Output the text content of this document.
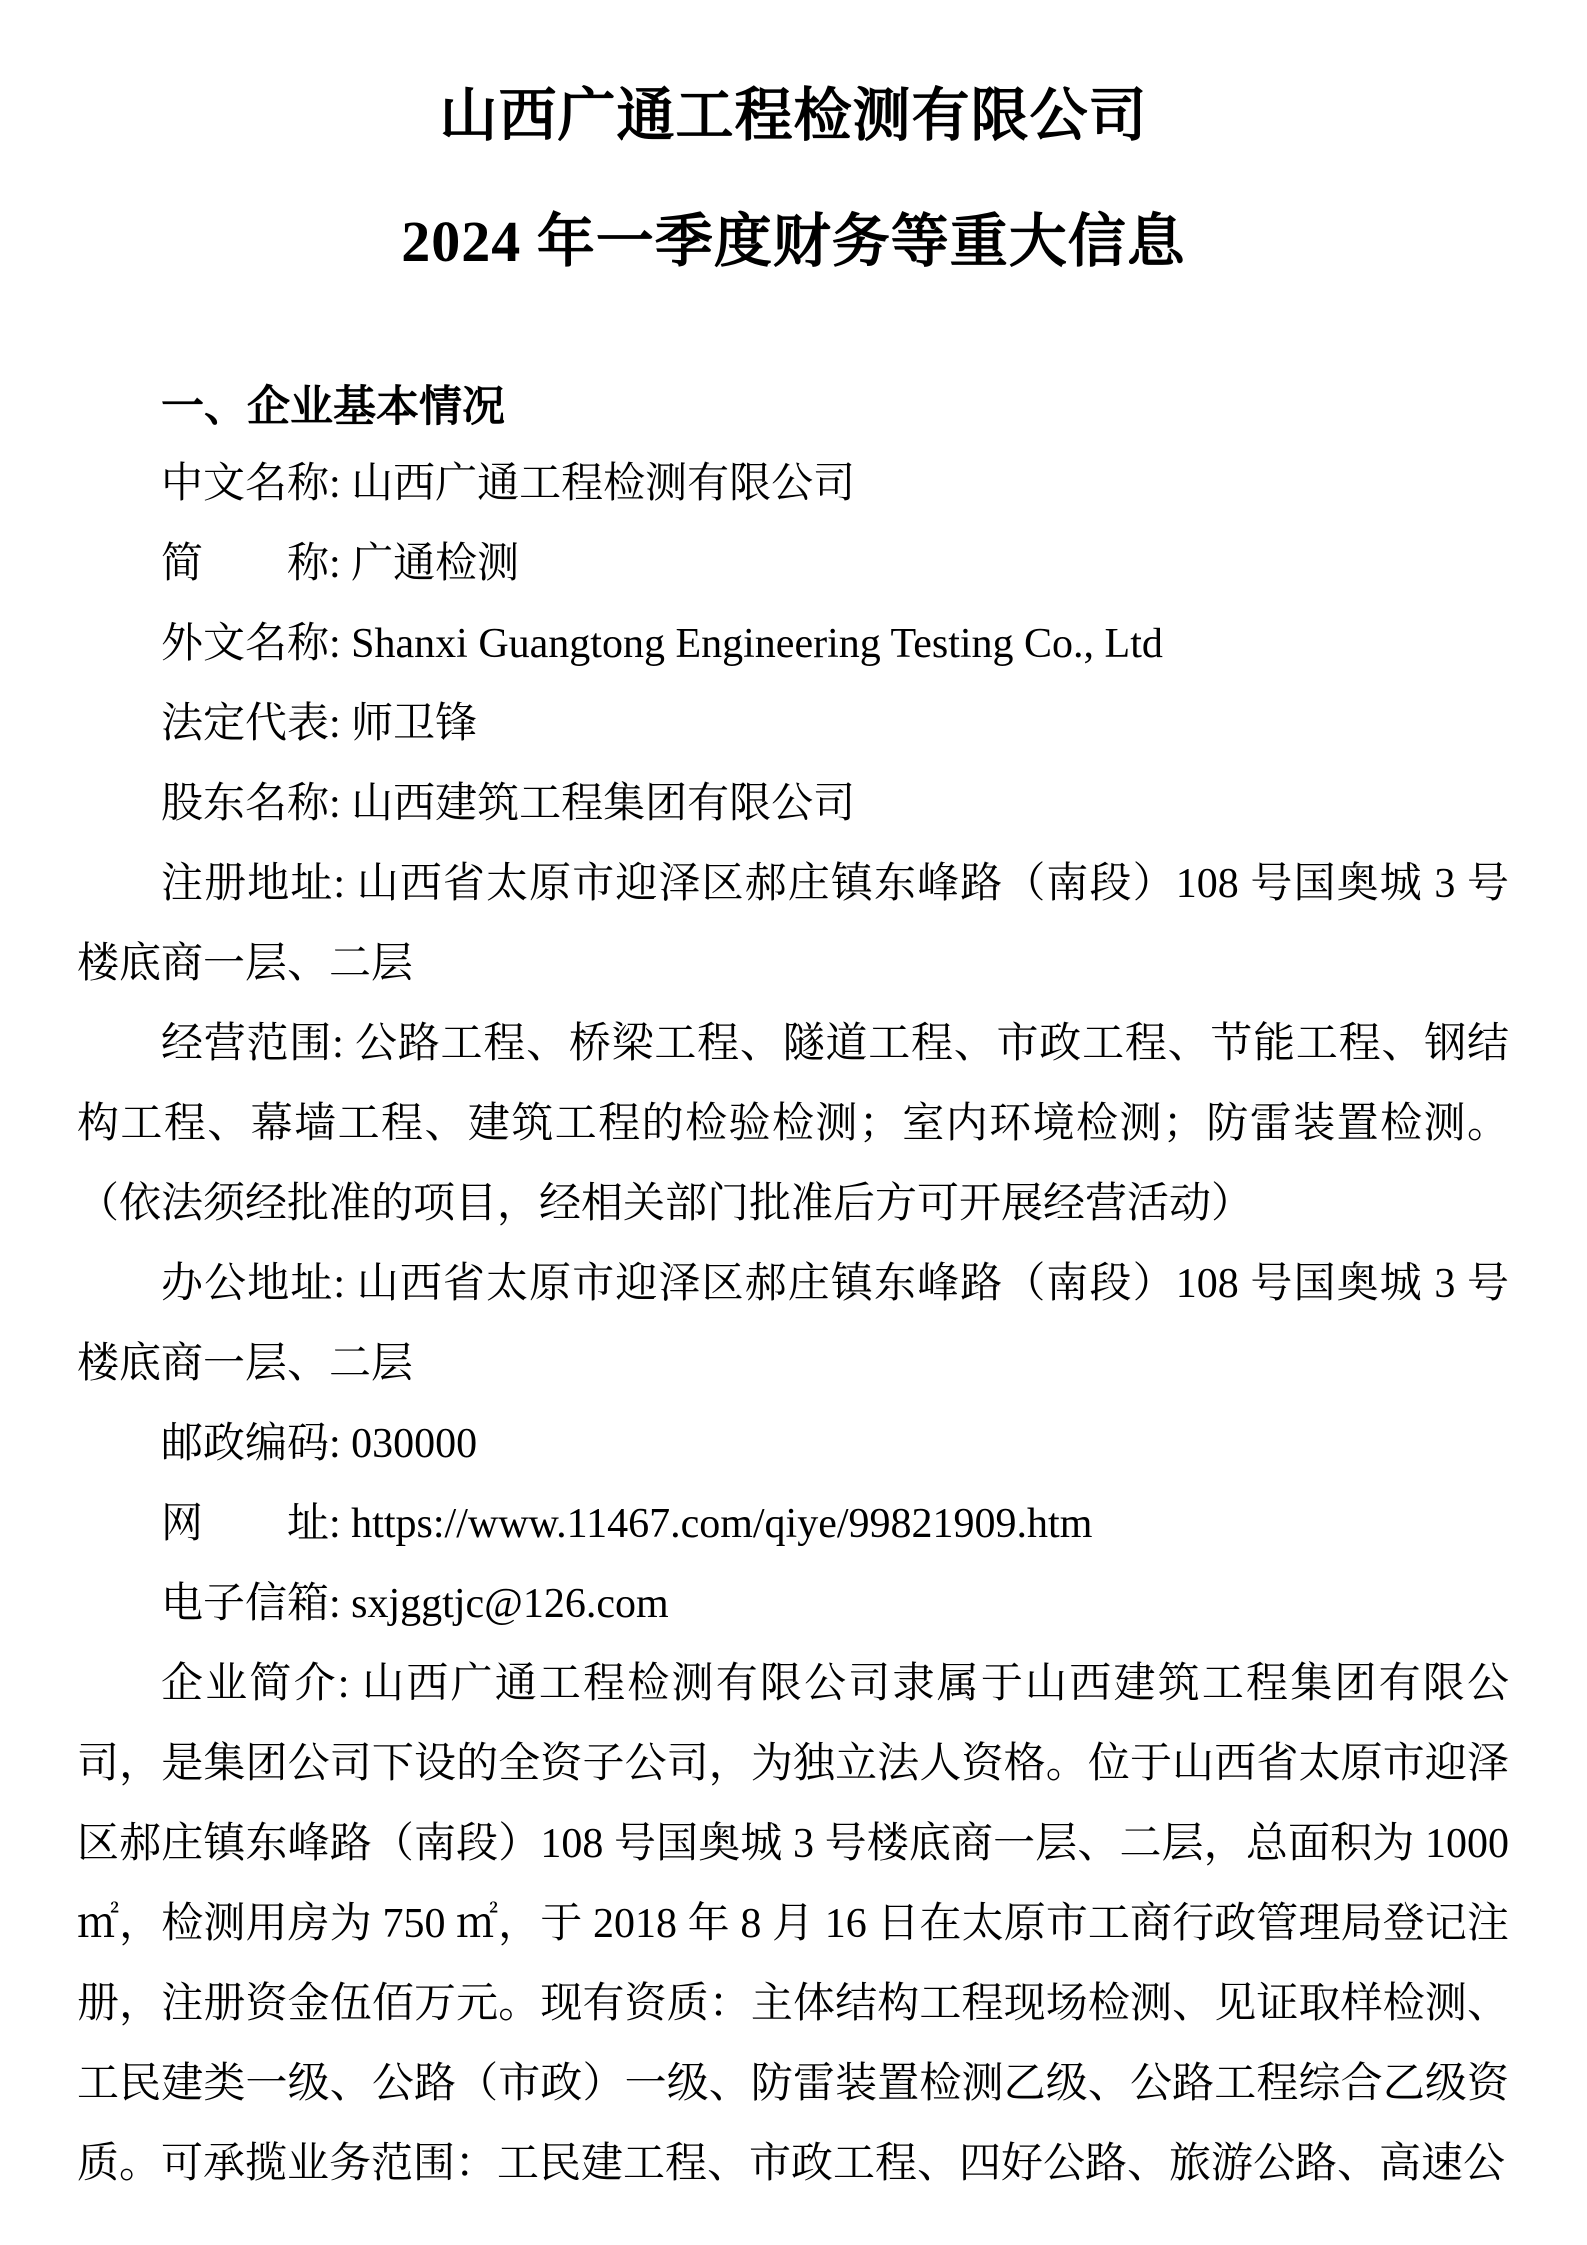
山西广通工程检测有限公司
2024 年一季度财务等重大信息
一、企业基本情况

中文名称: 山西广通工程检测有限公司

简　　称: 广通检测

外文名称: Shanxi Guangtong Engineering Testing Co., Ltd

法定代表: 师卫锋

股东名称: 山西建筑工程集团有限公司

注册地址: 山西省太原市迎泽区郝庄镇东峰路（南段）108 号国奥城 3 号楼底商一层、二层

经营范围: 公路工程、桥梁工程、隧道工程、市政工程、节能工程、钢结构工程、幕墙工程、建筑工程的检验检测；室内环境检测；防雷装置检测。（依法须经批准的项目，经相关部门批准后方可开展经营活动）

办公地址: 山西省太原市迎泽区郝庄镇东峰路（南段）108 号国奥城 3 号楼底商一层、二层

邮政编码: 030000

网　　址: https://www.11467.com/qiye/99821909.htm

电子信箱: sxjggtjc@126.com

企业简介: 山西广通工程检测有限公司隶属于山西建筑工程集团有限公司，是集团公司下设的全资子公司，为独立法人资格。位于山西省太原市迎泽区郝庄镇东峰路（南段）108 号国奥城 3 号楼底商一层、二层，总面积为 1000 ㎡，检测用房为 750 ㎡，于 2018 年 8 月 16 日在太原市工商行政管理局登记注册，注册资金伍佰万元。现有资质：主体结构工程现场检测、见证取样检测、工民建类一级、公路（市政）一级、防雷装置检测乙级、公路工程综合乙级资质。可承揽业务范围：工民建工程、市政工程、四好公路、旅游公路、高速公
